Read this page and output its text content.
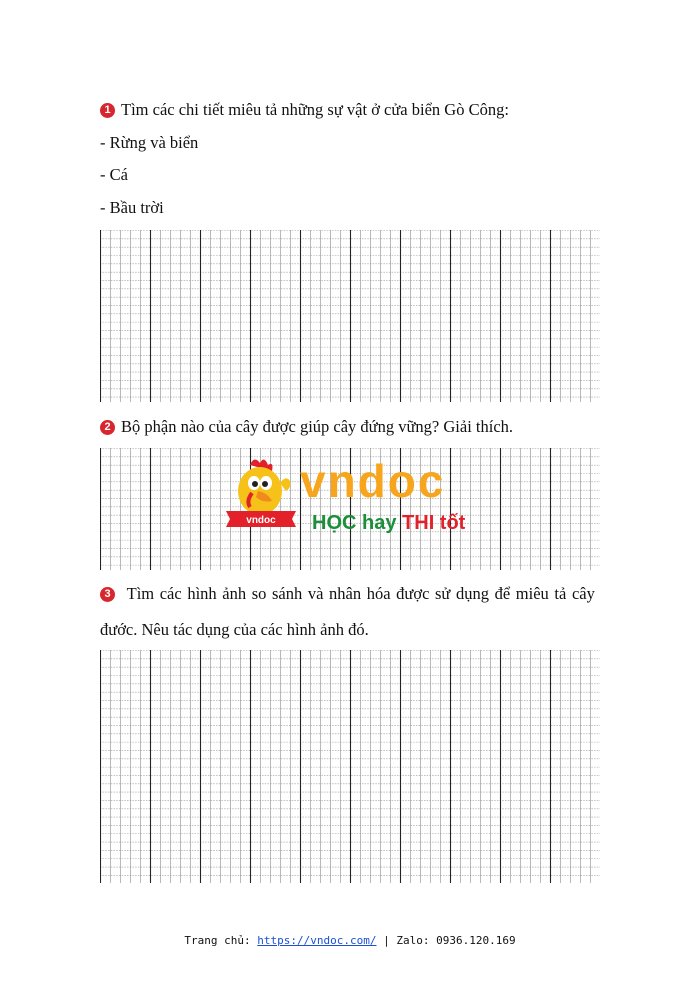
1 Tìm các chi tiết miêu tả những sự vật ở cửa biển Gò Công:
- Rừng và biển
- Cá
- Bầu trời
2 Bộ phận nào của cây được giúp cây đứng vững? Giải thích.
vndoc
vndoc
HỌC hay THI tốt
3 Tìm các hình ảnh so sánh và nhân hóa được sử dụng để miêu tả cây
đước. Nêu tác dụng của các hình ảnh đó.
Trang chủ: https://vndoc.com/ | Zalo: 0936.120.169
